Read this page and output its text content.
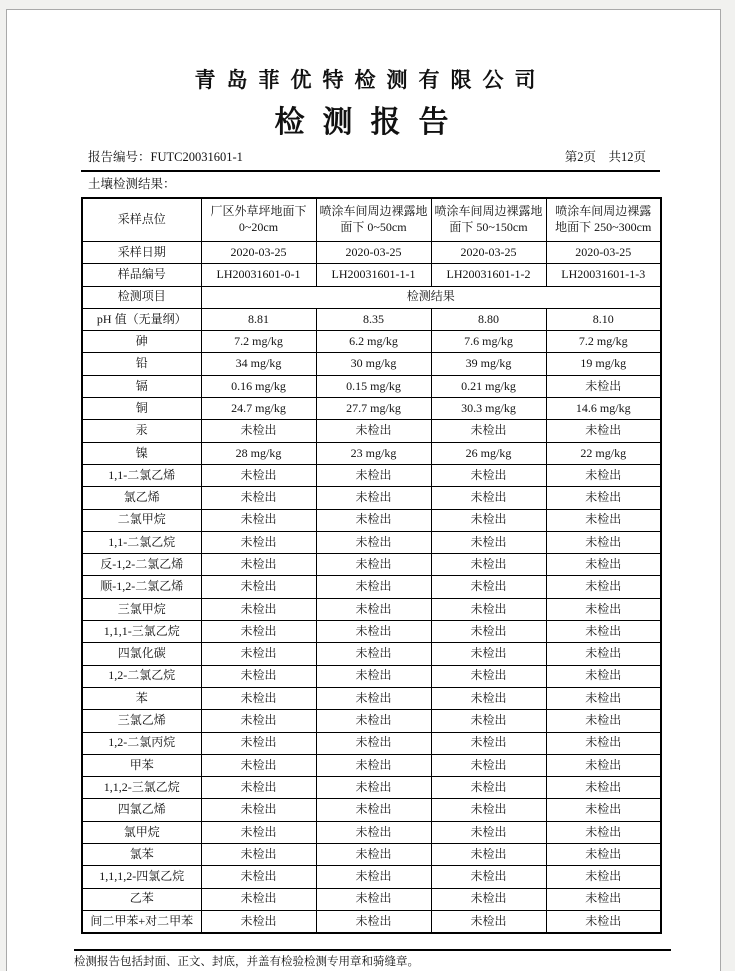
青岛菲优特检测有限公司
检测报告
报告编号：FUTC20031601-1	第2页　共12页
土壤检测结果：
采样点位	厂区外草坪地面下 0~20cm	喷涂车间周边裸露地面下 0~50cm	喷涂车间周边裸露地面下 50~150cm	喷涂车间周边裸露地面下 250~300cm
采样日期	2020-03-25	2020-03-25	2020-03-25	2020-03-25
样品编号	LH20031601-0-1	LH20031601-1-1	LH20031601-1-2	LH20031601-1-3
检测项目	检测结果			
pH 值（无量纲）	8.81	8.35	8.80	8.10
砷	7.2 mg/kg	6.2 mg/kg	7.6 mg/kg	7.2 mg/kg
铅	34 mg/kg	30 mg/kg	39 mg/kg	19 mg/kg
镉	0.16 mg/kg	0.15 mg/kg	0.21 mg/kg	未检出
铜	24.7 mg/kg	27.7 mg/kg	30.3 mg/kg	14.6 mg/kg
汞	未检出	未检出	未检出	未检出
镍	28 mg/kg	23 mg/kg	26 mg/kg	22 mg/kg
1,1-二氯乙烯	未检出	未检出	未检出	未检出
氯乙烯	未检出	未检出	未检出	未检出
二氯甲烷	未检出	未检出	未检出	未检出
1,1-二氯乙烷	未检出	未检出	未检出	未检出
反-1,2-二氯乙烯	未检出	未检出	未检出	未检出
顺-1,2-二氯乙烯	未检出	未检出	未检出	未检出
三氯甲烷	未检出	未检出	未检出	未检出
1,1,1-三氯乙烷	未检出	未检出	未检出	未检出
四氯化碳	未检出	未检出	未检出	未检出
1,2-二氯乙烷	未检出	未检出	未检出	未检出
苯	未检出	未检出	未检出	未检出
三氯乙烯	未检出	未检出	未检出	未检出
1,2-二氯丙烷	未检出	未检出	未检出	未检出
甲苯	未检出	未检出	未检出	未检出
1,1,2-三氯乙烷	未检出	未检出	未检出	未检出
四氯乙烯	未检出	未检出	未检出	未检出
氯甲烷	未检出	未检出	未检出	未检出
氯苯	未检出	未检出	未检出	未检出
1,1,1,2-四氯乙烷	未检出	未检出	未检出	未检出
乙苯	未检出	未检出	未检出	未检出
间二甲苯+对二甲苯	未检出	未检出	未检出	未检出
检测报告包括封面、正文、封底，并盖有检验检测专用章和骑缝章。
